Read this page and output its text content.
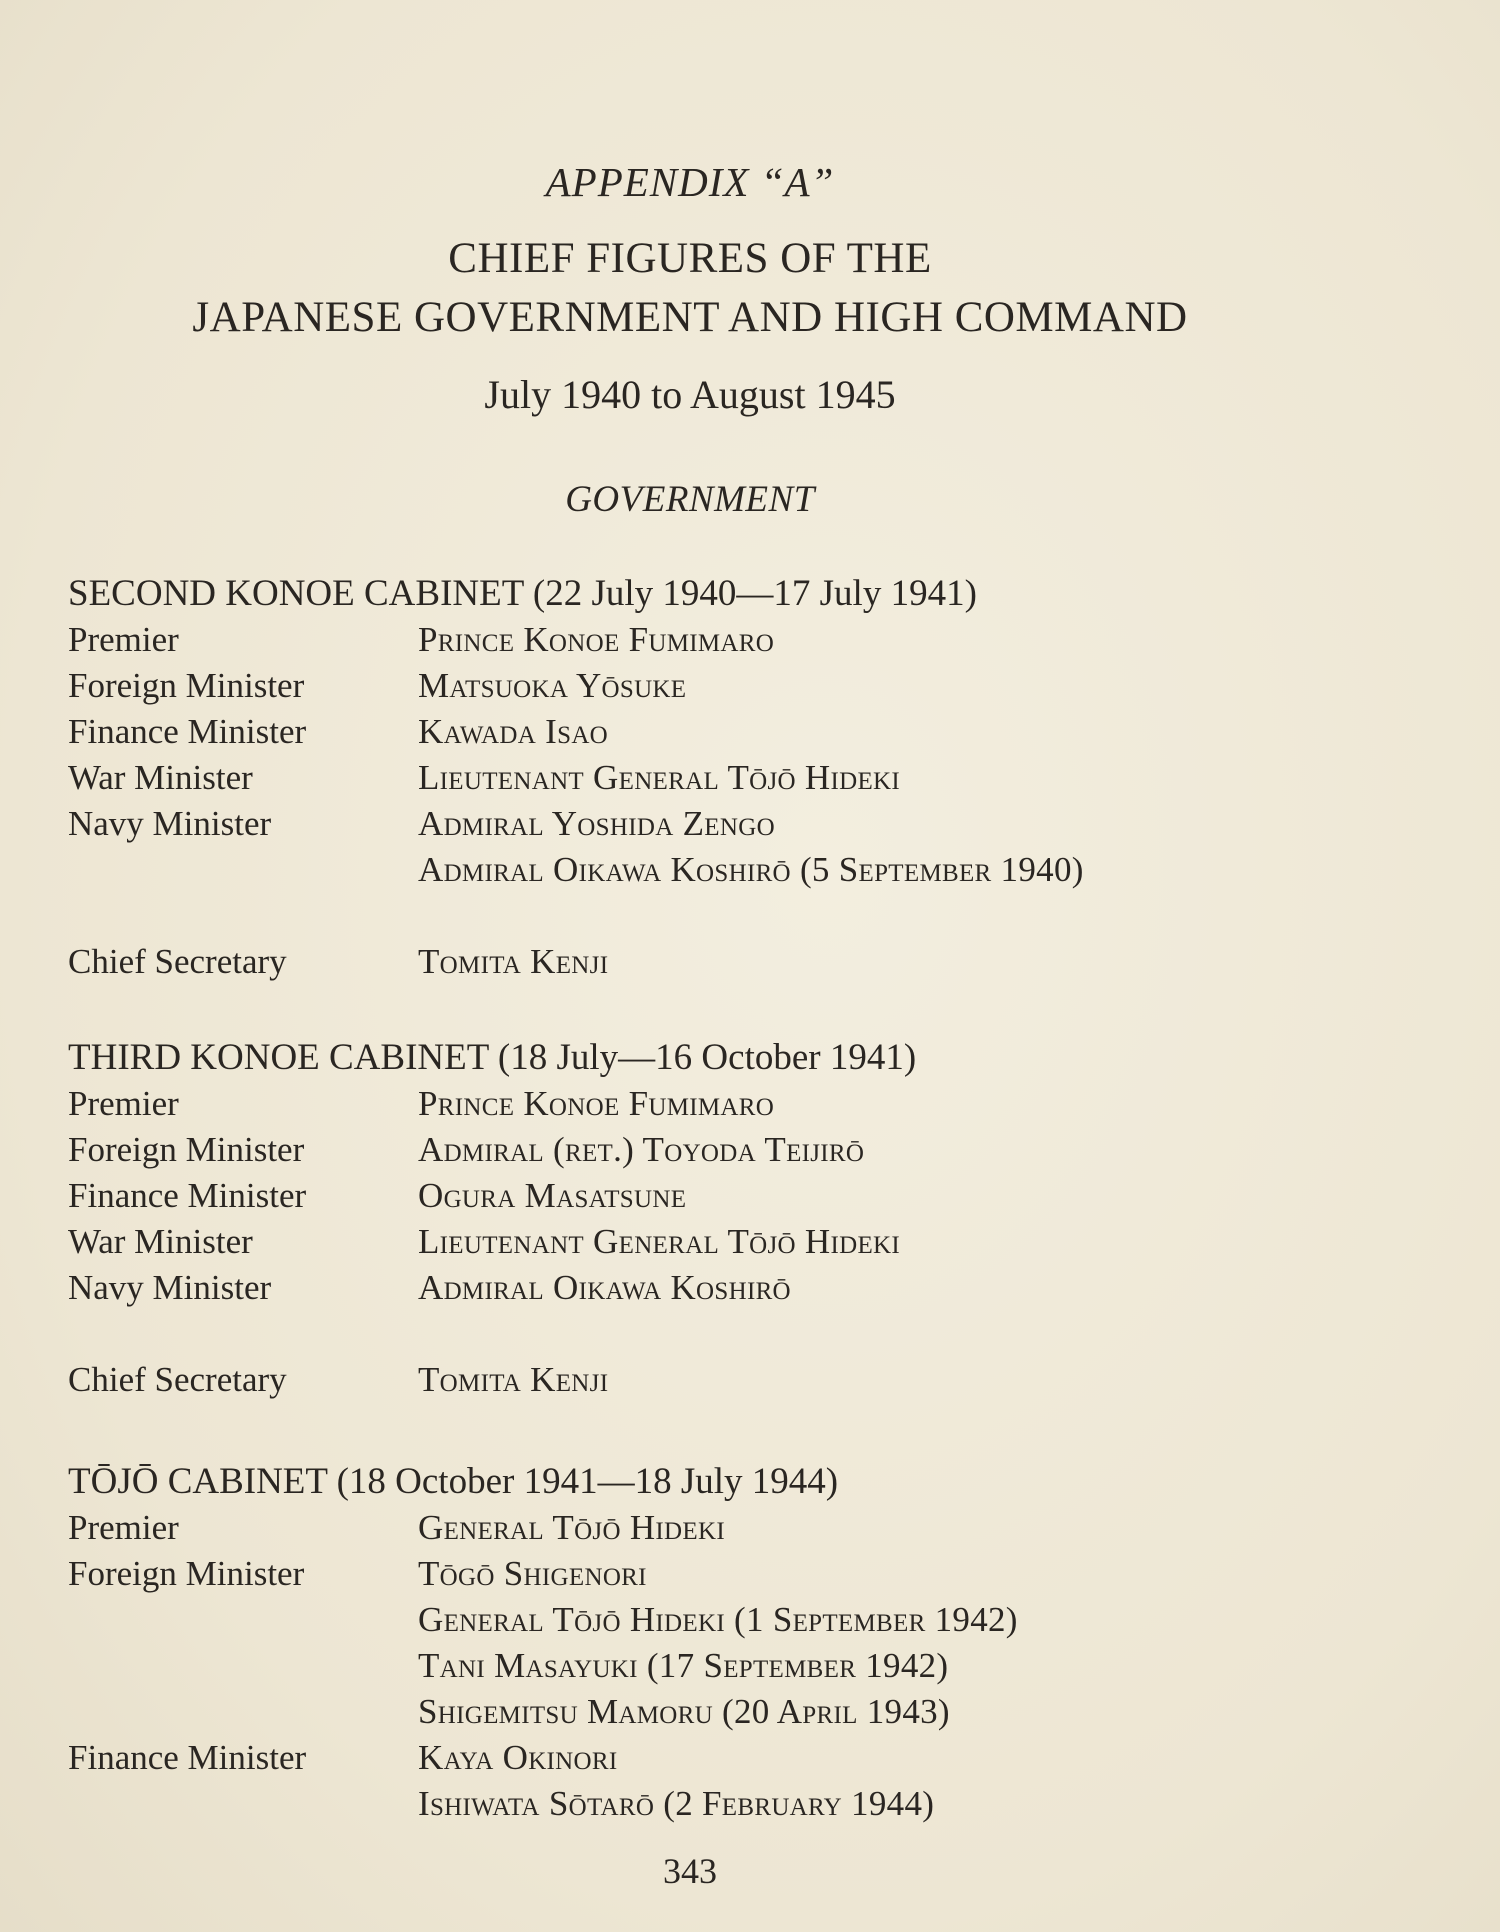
APPENDIX “A”
CHIEF FIGURES OF THE
JAPANESE GOVERNMENT AND HIGH COMMAND
July 1940 to August 1945
GOVERNMENT
SECOND KONOE CABINET (22 July 1940—17 July 1941)
Premier	Prince Konoe Fumimaro
Foreign Minister	Matsuoka Yōsuke
Finance Minister	Kawada Isao
War Minister	Lieutenant General Tōjō Hideki
Navy Minister	Admiral Yoshida Zengo
Admiral Oikawa Koshirō (5 September 1940)
Chief Secretary	Tomita Kenji
THIRD KONOE CABINET (18 July—16 October 1941)
Premier	Prince Konoe Fumimaro
Foreign Minister	Admiral (ret.) Toyoda Teijirō
Finance Minister	Ogura Masatsune
War Minister	Lieutenant General Tōjō Hideki
Navy Minister	Admiral Oikawa Koshirō
Chief Secretary	Tomita Kenji
TŌJŌ CABINET (18 October 1941—18 July 1944)
Premier	General Tōjō Hideki
Foreign Minister	Tōgō Shigenori
General Tōjō Hideki (1 September 1942)
Tani Masayuki (17 September 1942)
Shigemitsu Mamoru (20 April 1943)
Finance Minister	Kaya Okinori
Ishiwata Sōtarō (2 February 1944)
343
